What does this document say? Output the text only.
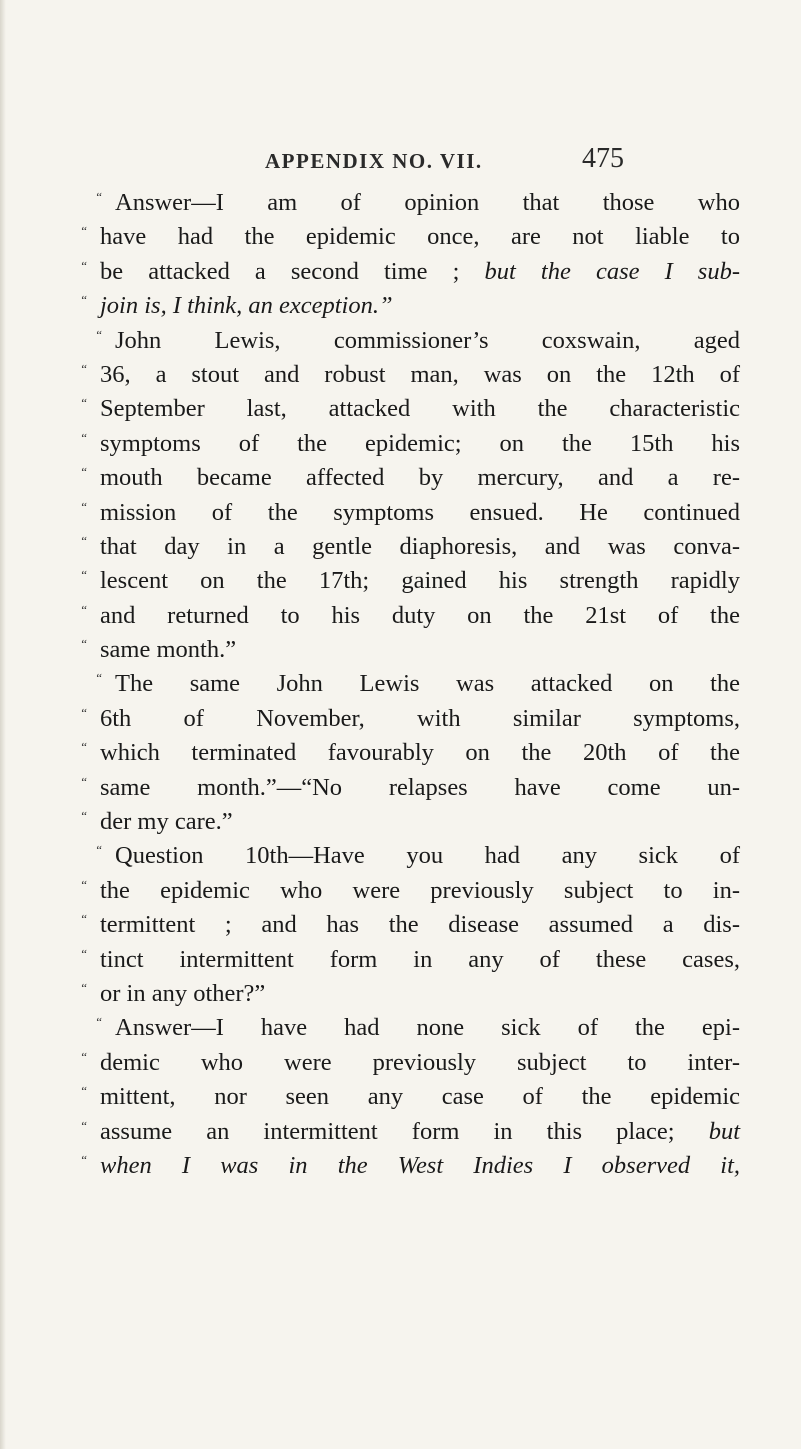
APPENDIX NO. VII.	475
“ Answer—I am of opinion that those who
“ have had the epidemic once, are not liable to
“ be attacked a second time ; but the case I sub-
“ join is, I think, an exception.”
“ John Lewis, commissioner’s coxswain, aged
“ 36, a stout and robust man, was on the 12th of
“ September last, attacked with the characteristic
“ symptoms of the epidemic; on the 15th his
“ mouth became affected by mercury, and a re-
“ mission of the symptoms ensued. He continued
“ that day in a gentle diaphoresis, and was conva-
“ lescent on the 17th; gained his strength rapidly
“ and returned to his duty on the 21st of the
“ same month.”
“ The same John Lewis was attacked on the
“ 6th of November, with similar symptoms,
“ which terminated favourably on the 20th of the
“ same month.”—“No relapses have come un-
“ der my care.”
“ Question 10th—Have you had any sick of
“ the epidemic who were previously subject to in-
“ termittent ; and has the disease assumed a dis-
“ tinct intermittent form in any of these cases,
“ or in any other?”
“ Answer—I have had none sick of the epi-
“ demic who were previously subject to inter-
“ mittent, nor seen any case of the epidemic
“ assume an intermittent form in this place; but
“ when I was in the West Indies I observed it,
